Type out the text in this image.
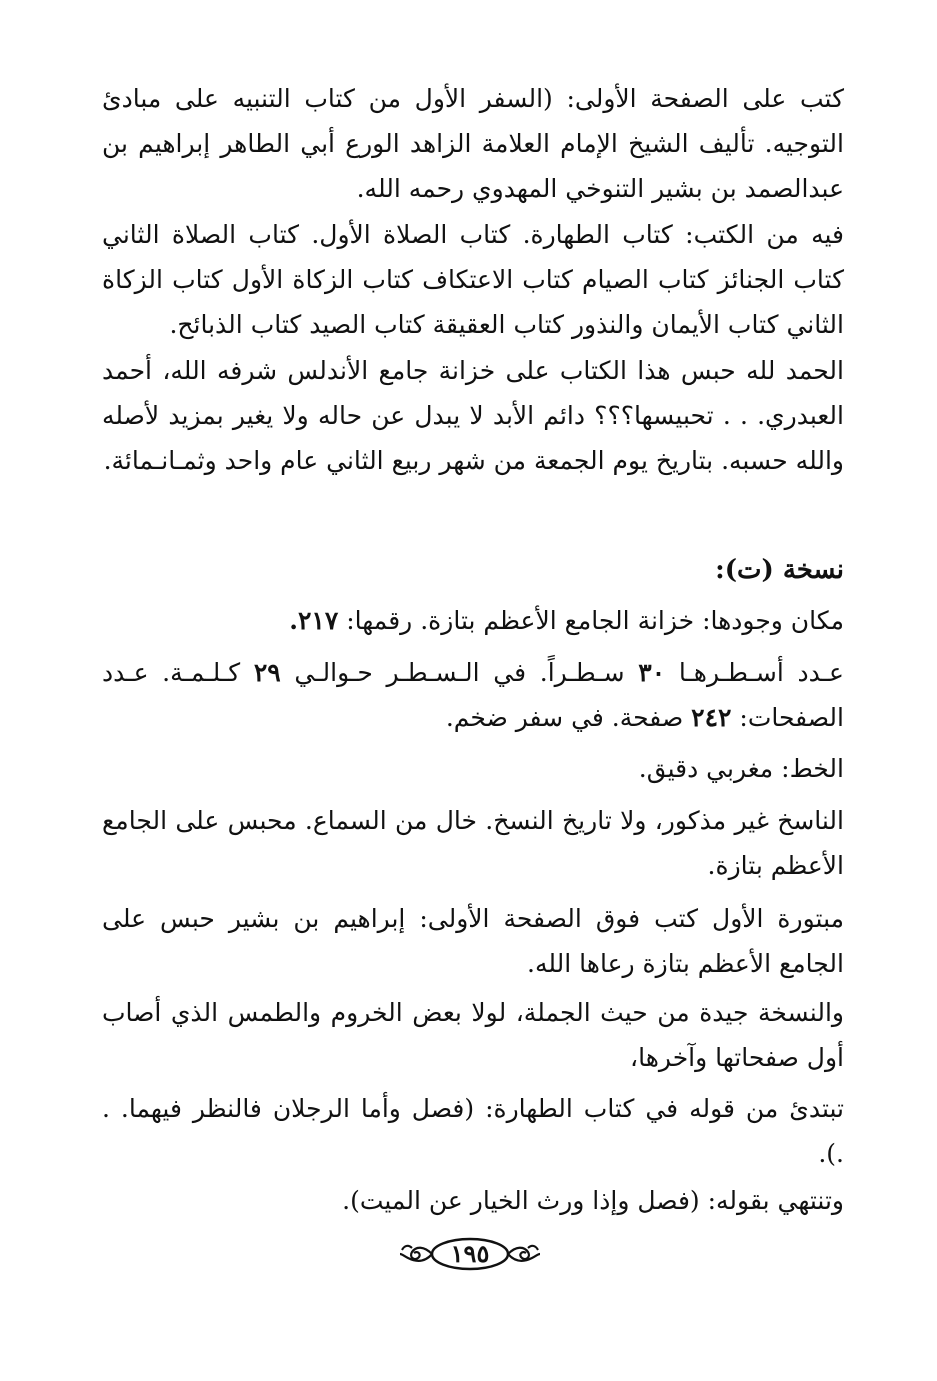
كتب على الصفحة الأولى: (السفر الأول من كتاب التنبيه على مبادئ التوجيه. تأليف الشيخ الإمام العلامة الزاهد الورع أبي الطاهر إبراهيم بن عبدالصمد بن بشير التنوخي المهدوي رحمه الله.

فيه من الكتب: كتاب الطهارة. كتاب الصلاة الأول. كتاب الصلاة الثاني كتاب الجنائز كتاب الصيام كتاب الاعتكاف كتاب الزكاة الأول كتاب الزكاة الثاني كتاب الأيمان والنذور كتاب العقيقة كتاب الصيد كتاب الذبائح.

الحمد لله حبس هذا الكتاب على خزانة جامع الأندلس شرفه الله، أحمد العبدري. . . تحبيسها؟؟؟ دائم الأبد لا يبدل عن حاله ولا يغير بمزيد لأصله والله حسبه. بتاريخ يوم الجمعة من شهر ربيع الثاني عام واحد وثمـانـمائة.

نسخة (ت):

مكان وجودها: خزانة الجامع الأعظم بتازة. رقمها: ٢١٧.

عـدد أسـطـرهـا ٣٠ سـطـراً. في الـسـطـر حـوالـي ٢٩ كـلـمـة. عـدد الصفحات: ٢٤٢ صفحة. في سفر ضخم.

الخط: مغربي دقيق.

الناسخ غير مذكور، ولا تاريخ النسخ. خال من السماع. محبس على الجامع الأعظم بتازة.

مبتورة الأول كتب فوق الصفحة الأولى: إبراهيم بن بشير حبس على الجامع الأعظم بتازة رعاها الله.

والنسخة جيدة من حيث الجملة، لولا بعض الخروم والطمس الذي أصاب أول صفحاتها وآخرها،

تبتدئ من قوله في كتاب الطهارة: (فصل وأما الرجلان فالنظر فيهما. . .).

وتنتهي بقوله: (فصل وإذا ورث الخيار عن الميت).

١٩٥
